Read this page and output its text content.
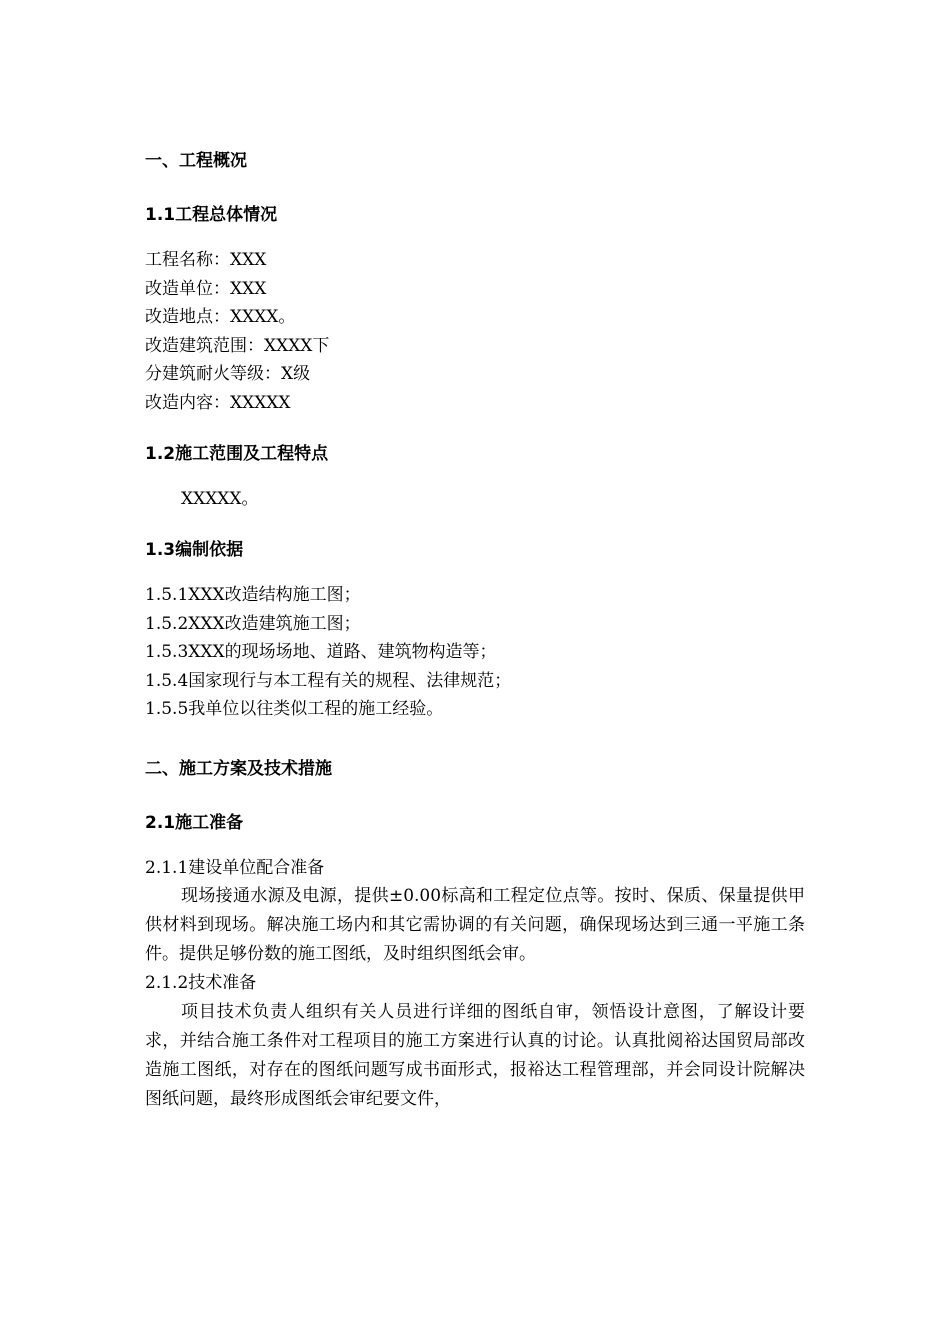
一、工程概况

1.1工程总体情况

工程名称：XXX

改造单位：XXX

改造地点：XXXX。

改造建筑范围：XXXX下

分建筑耐火等级：X级

改造内容：XXXXX

1.2施工范围及工程特点

XXXXX。

1.3编制依据

1.5.1XXX改造结构施工图；

1.5.2XXX改造建筑施工图；

1.5.3XXX的现场场地、道路、建筑物构造等；

1.5.4国家现行与本工程有关的规程、法律规范；

1.5.5我单位以往类似工程的施工经验。

二、施工方案及技术措施

2.1施工准备

2.1.1建设单位配合准备

现场接通水源及电源，提供±0.00标高和工程定位点等。按时、保质、保量提供甲供材料到现场。解决施工场内和其它需协调的有关问题，确保现场达到三通一平施工条件。提供足够份数的施工图纸，及时组织图纸会审。

2.1.2技术准备

项目技术负责人组织有关人员进行详细的图纸自审，领悟设计意图，了解设计要求，并结合施工条件对工程项目的施工方案进行认真的讨论。认真批阅裕达国贸局部改造施工图纸，对存在的图纸问题写成书面形式，报裕达工程管理部，并会同设计院解决图纸问题，最终形成图纸会审纪要文件，
